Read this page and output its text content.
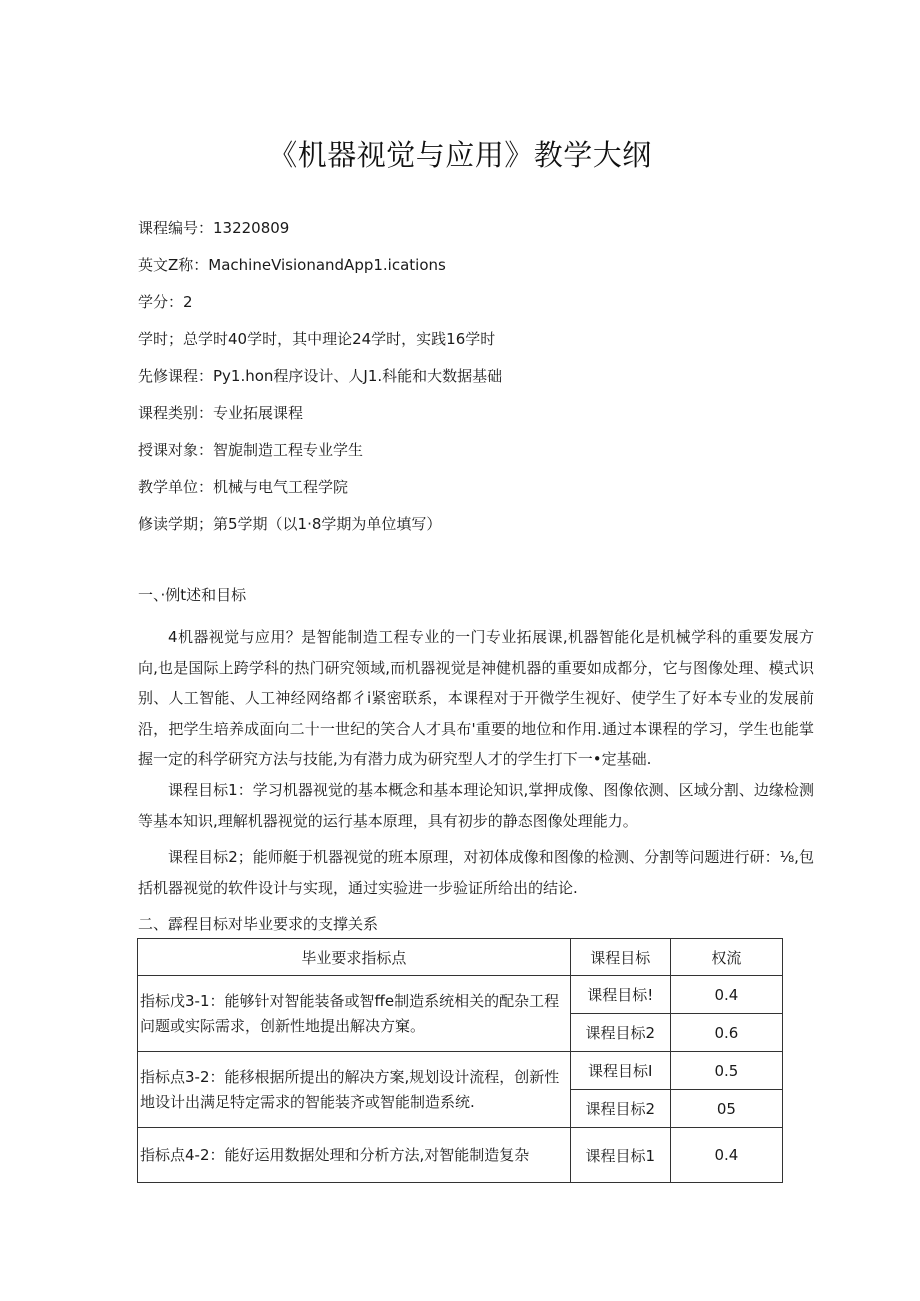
《机器视觉与应用》教学大纲
课程编号：13220809
英文Z称：MachineVisionandApp1.ications
学分：2
学时；总学时40学时，其中理论24学时，实践16学时
先修课程：Py1.hon程序设计、人J1.科能和大数据基础
课程类别：专业拓展课程
授课对象：智旎制造工程专业学生
教学单位：机械与电气工程学院
修读学期；第5学期（以1·8学期为单位填写）
一、·例t述和目标
4机器视觉与应用？是智能制造工程专业的一门专业拓展课,机器智能化是机械学科的重要发展方向,也是国际上跨学科的热门研究领域,而机器视觉是神健机器的重要如成都分，它与图像处理、模式识别、人工智能、人工神经网络都彳i紧密联系，本课程对于开微学生视好、使学生了好本专业的发展前沿，把学生培养成面向二十一世纪的笑合人才具布'重要的地位和作用.通过本课程的学习，学生也能掌握一定的科学研究方法与技能,为有潜力成为研究型人才的学生打下一•定基础.
课程目标1：学习机器视觉的基本概念和基本理论知识,掌押成像、图像依测、区域分割、边缘检测等基本知识,理解机器视觉的运行基本原理，具有初步的静态图像处理能力。
课程目标2；能师艇于机器视觉的班本原理，对初体成像和图像的检测、分割等问题进行研：⅛,包括机器视觉的软件设计与实现，通过实验进一步验证所给出的结论.
二、霹程目标对毕业要求的支撑关系
毕业要求指标点	课程目标	权流
指标戊3-1：能够针对智能装备或智ffe制造系统相关的配杂工程问题或实际需求，创新性地提出解决方窠。	课程目标!	0.4
	课程目标2	0.6
指标点3-2：能移根据所提出的解决方案,规划设计流程，创新性地设计出满足特定需求的智能装齐或智能制造系统.	课程目标I	0.5
	课程目标2	05
指标点4-2：能好运用数据处理和分析方法,对智能制造复杂	课程目标1	0.4
